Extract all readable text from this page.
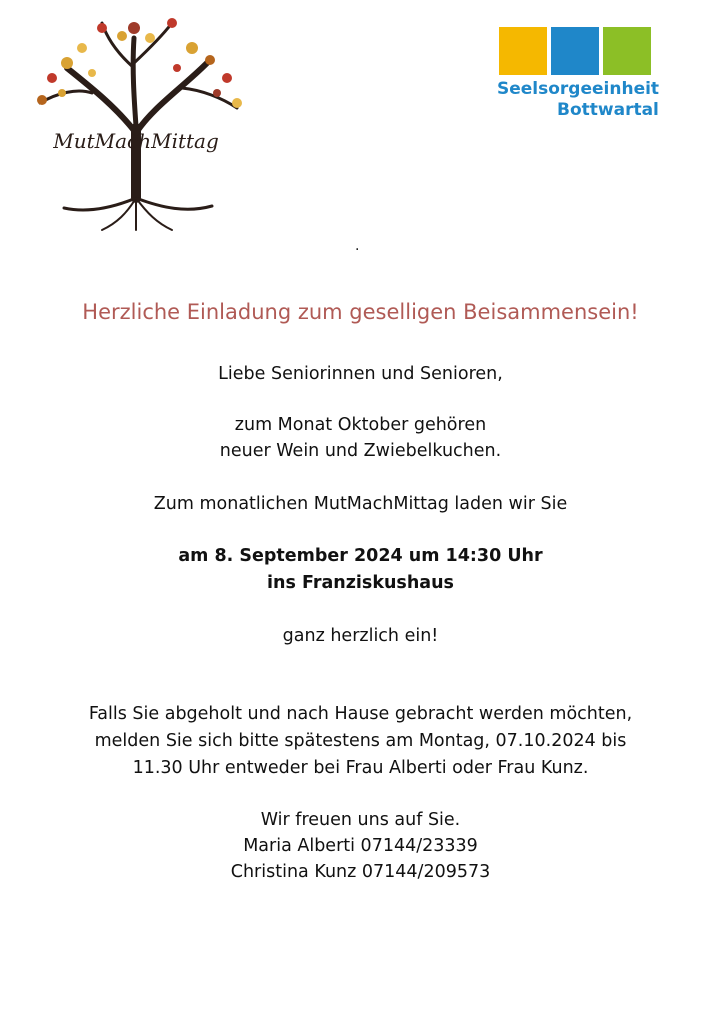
MutMachMittag
Seelsorgeeinheit
Bottwartal
.
Herzliche Einladung zum geselligen Beisammensein!
Liebe Seniorinnen und Senioren,
zum Monat Oktober gehören
neuer Wein und Zwiebelkuchen.
Zum monatlichen MutMachMittag laden wir Sie
am 8. September 2024 um 14:30 Uhr
ins Franziskushaus
ganz herzlich ein!
Falls Sie abgeholt und nach Hause gebracht werden möchten,
melden Sie sich bitte spätestens am Montag, 07.10.2024 bis
11.30 Uhr entweder bei Frau Alberti oder Frau Kunz.
Wir freuen uns auf Sie.
Maria Alberti 07144/23339
Christina Kunz 07144/209573
